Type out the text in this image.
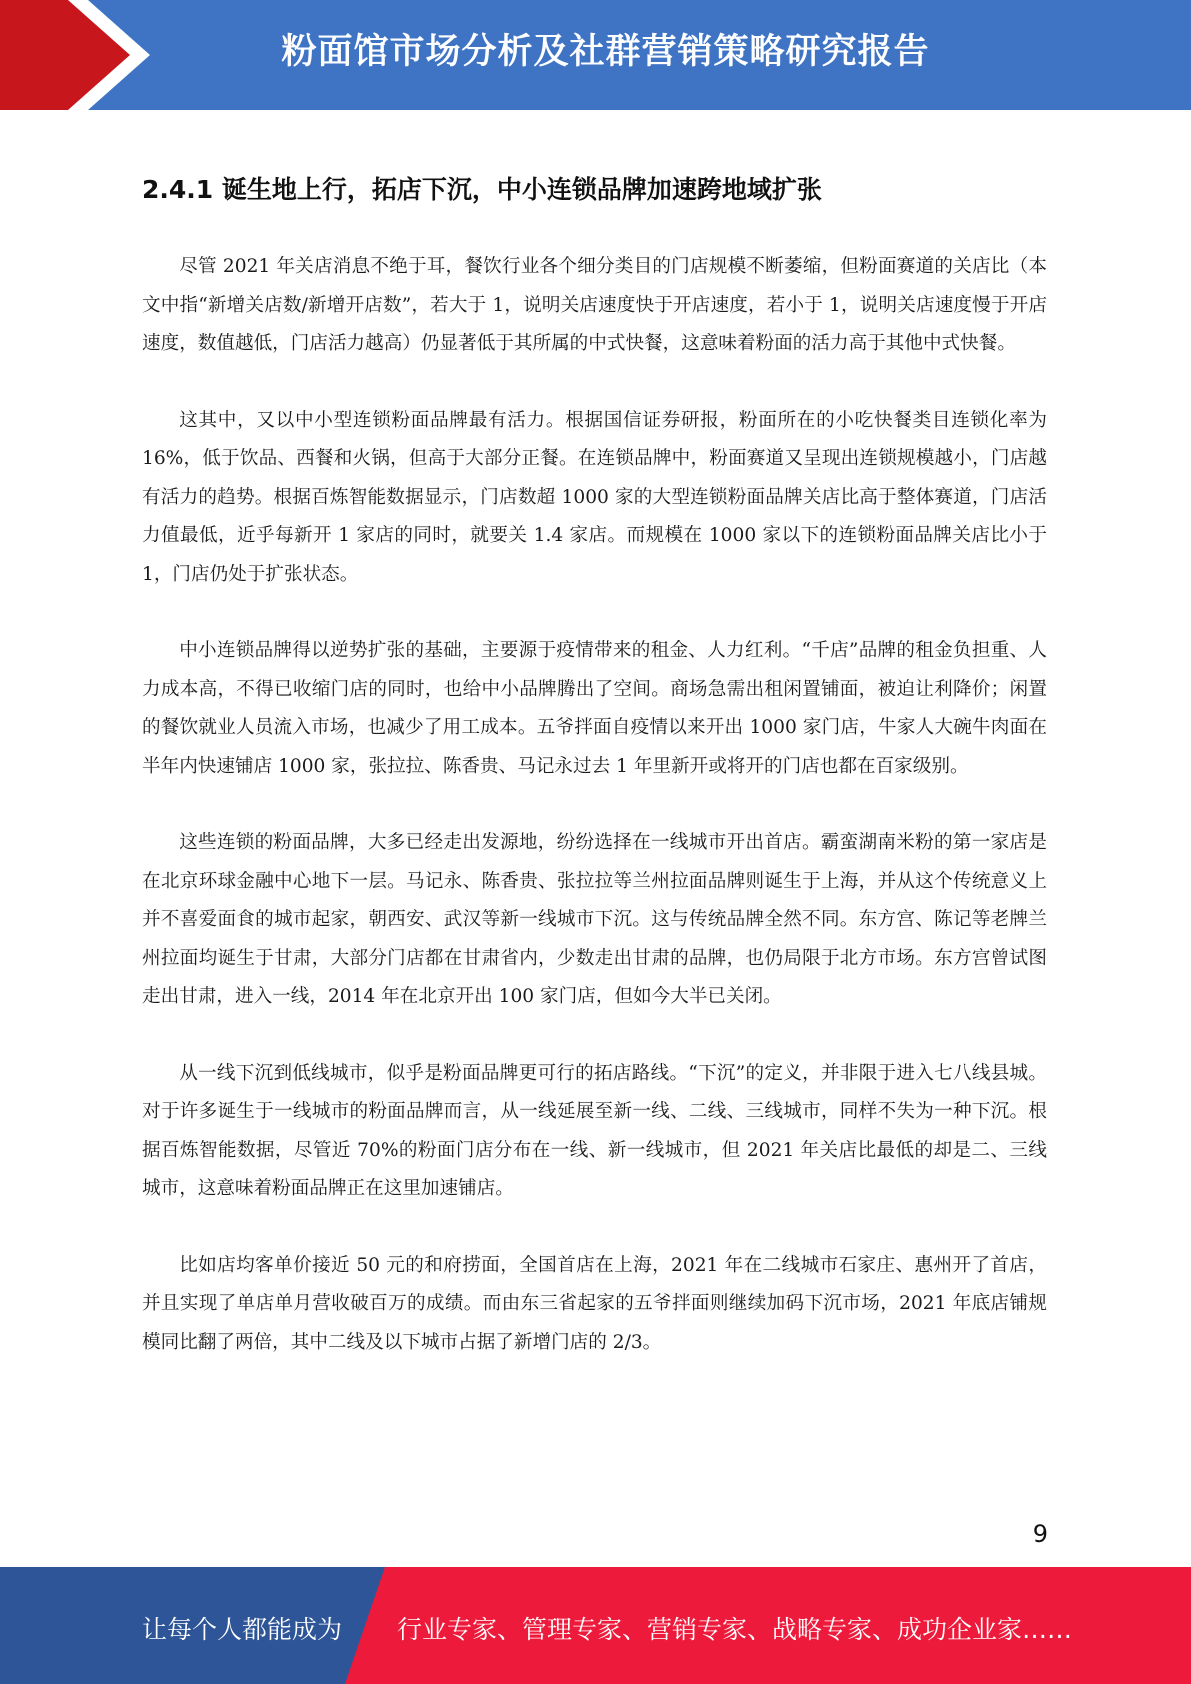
粉面馆市场分析及社群营销策略研究报告
2.4.1 诞生地上行，拓店下沉，中小连锁品牌加速跨地域扩张

尽管 2021 年关店消息不绝于耳，餐饮行业各个细分类目的门店规模不断萎缩，但粉面赛道的关店比（本文中指“新增关店数/新增开店数”，若大于 1，说明关店速度快于开店速度，若小于 1，说明关店速度慢于开店速度，数值越低，门店活力越高）仍显著低于其所属的中式快餐，这意味着粉面的活力高于其他中式快餐。

这其中，又以中小型连锁粉面品牌最有活力。根据国信证券研报，粉面所在的小吃快餐类目连锁化率为 16%，低于饮品、西餐和火锅，但高于大部分正餐。在连锁品牌中，粉面赛道又呈现出连锁规模越小，门店越有活力的趋势。根据百炼智能数据显示，门店数超 1000 家的大型连锁粉面品牌关店比高于整体赛道，门店活力值最低，近乎每新开 1 家店的同时，就要关 1.4 家店。而规模在 1000 家以下的连锁粉面品牌关店比小于 1，门店仍处于扩张状态。

中小连锁品牌得以逆势扩张的基础，主要源于疫情带来的租金、人力红利。“千店”品牌的租金负担重、人力成本高，不得已收缩门店的同时，也给中小品牌腾出了空间。商场急需出租闲置铺面，被迫让利降价；闲置的餐饮就业人员流入市场，也减少了用工成本。五爷拌面自疫情以来开出 1000 家门店，牛家人大碗牛肉面在半年内快速铺店 1000 家，张拉拉、陈香贵、马记永过去 1 年里新开或将开的门店也都在百家级别。

这些连锁的粉面品牌，大多已经走出发源地，纷纷选择在一线城市开出首店。霸蛮湖南米粉的第一家店是在北京环球金融中心地下一层。马记永、陈香贵、张拉拉等兰州拉面品牌则诞生于上海，并从这个传统意义上并不喜爱面食的城市起家，朝西安、武汉等新一线城市下沉。这与传统品牌全然不同。东方宫、陈记等老牌兰州拉面均诞生于甘肃，大部分门店都在甘肃省内，少数走出甘肃的品牌，也仍局限于北方市场。东方宫曾试图走出甘肃，进入一线，2014 年在北京开出 100 家门店，但如今大半已关闭。

从一线下沉到低线城市，似乎是粉面品牌更可行的拓店路线。“下沉”的定义，并非限于进入七八线县城。对于许多诞生于一线城市的粉面品牌而言，从一线延展至新一线、二线、三线城市，同样不失为一种下沉。根据百炼智能数据，尽管近 70%的粉面门店分布在一线、新一线城市，但 2021 年关店比最低的却是二、三线城市，这意味着粉面品牌正在这里加速铺店。

比如店均客单价接近 50 元的和府捞面，全国首店在上海，2021 年在二线城市石家庄、惠州开了首店，并且实现了单店单月营收破百万的成绩。而由东三省起家的五爷拌面则继续加码下沉市场，2021 年底店铺规模同比翻了两倍，其中二线及以下城市占据了新增门店的 2/3。

9
让每个人都能成为 行业专家、管理专家、营销专家、战略专家、成功企业家……
